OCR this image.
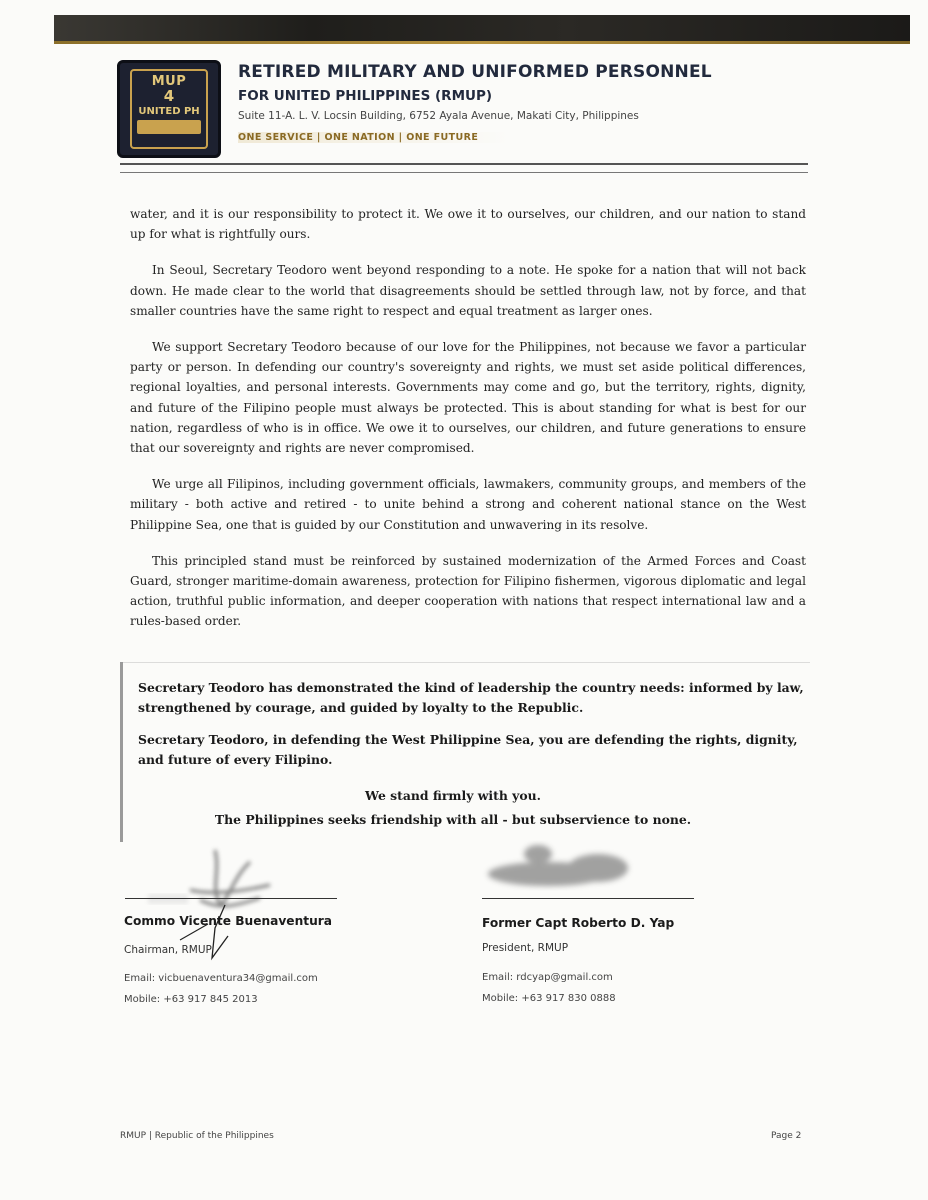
MUP
4
UNITED PH

RETIRED MILITARY AND UNIFORMED PERSONNEL

FOR UNITED PHILIPPINES (RMUP)

Suite 11-A. L. V. Locsin Building, 6752 Ayala Avenue, Makati City, Philippines

ONE SERVICE | ONE NATION | ONE FUTURE

water, and it is our responsibility to protect it. We owe it to ourselves, our children, and our nation to stand up for what is rightfully ours.

In Seoul, Secretary Teodoro went beyond responding to a note. He spoke for a nation that will not back down. He made clear to the world that disagreements should be settled through law, not by force, and that smaller countries have the same right to respect and equal treatment as larger ones.

We support Secretary Teodoro because of our love for the Philippines, not because we favor a particular party or person. In defending our country's sovereignty and rights, we must set aside political differences, regional loyalties, and personal interests. Governments may come and go, but the territory, rights, dignity, and future of the Filipino people must always be protected. This is about standing for what is best for our nation, regardless of who is in office. We owe it to ourselves, our children, and future generations to ensure that our sovereignty and rights are never compromised.

We urge all Filipinos, including government officials, lawmakers, community groups, and members of the military - both active and retired - to unite behind a strong and coherent national stance on the West Philippine Sea, one that is guided by our Constitution and unwavering in its resolve.

This principled stand must be reinforced by sustained modernization of the Armed Forces and Coast Guard, stronger maritime-domain awareness, protection for Filipino fishermen, vigorous diplomatic and legal action, truthful public information, and deeper cooperation with nations that respect international law and a rules-based order.

Secretary Teodoro has demonstrated the kind of leadership the country needs: informed by law, strengthened by courage, and guided by loyalty to the Republic.

Secretary Teodoro, in defending the West Philippine Sea, you are defending the rights, dignity, and future of every Filipino.

We stand firmly with you.

The Philippines seeks friendship with all - but subservience to none.

Commo Vicente Buenaventura

Chairman, RMUP

Email: vicbuenaventura34@gmail.com

Mobile: +63 917 845 2013

Former Capt Roberto D. Yap

President, RMUP

Email: rdcyap@gmail.com

Mobile: +63 917 830 0888

RMUP | Republic of the Philippines	Page 2
